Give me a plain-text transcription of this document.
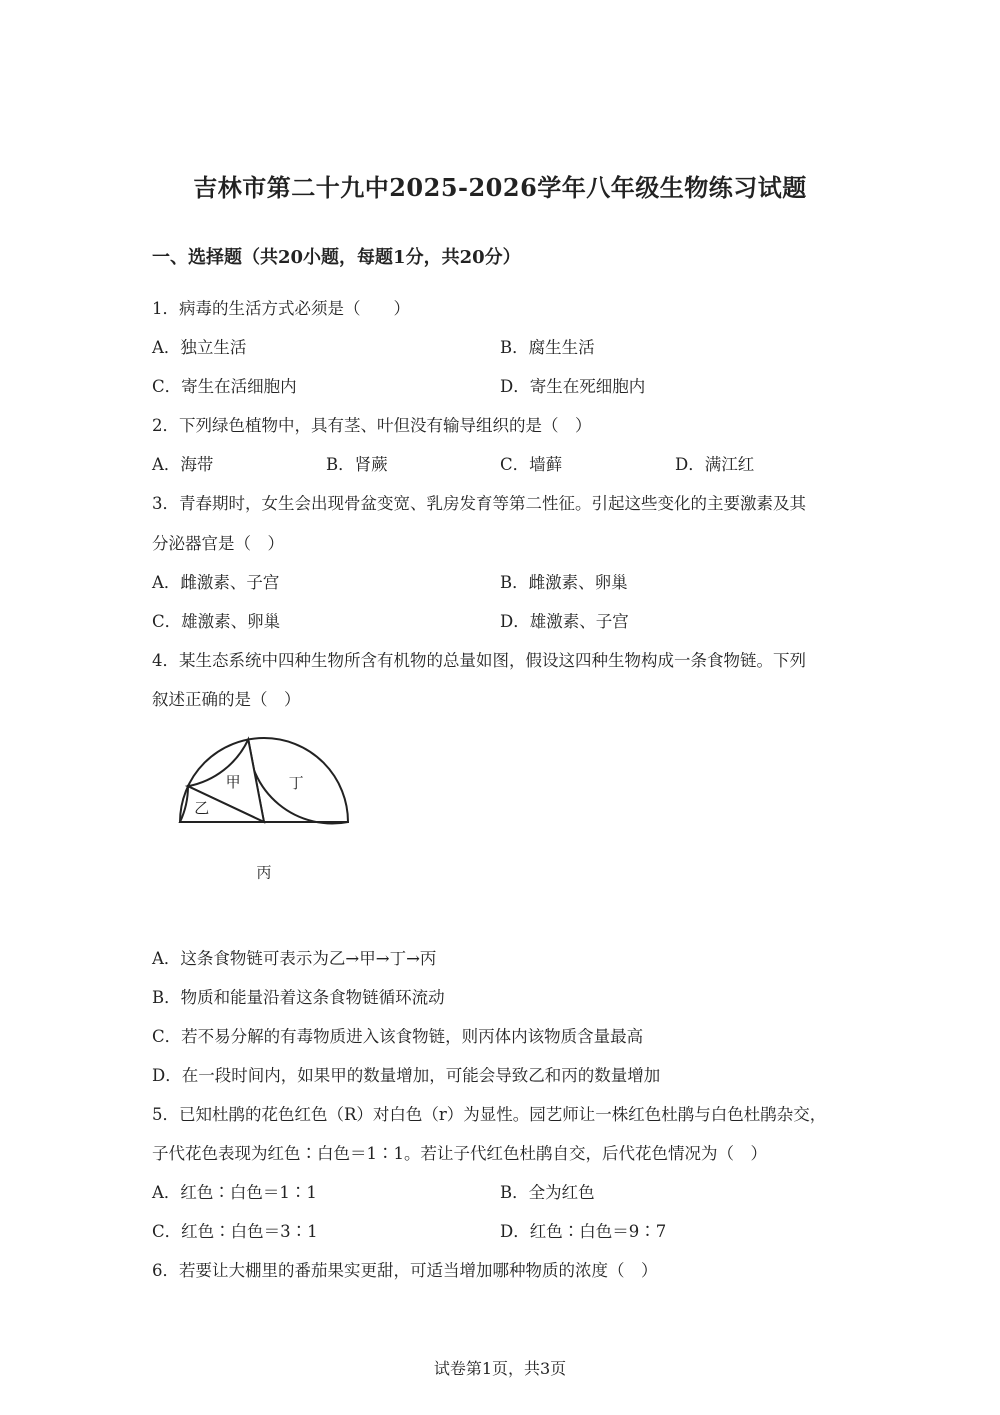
吉林市第二十九中2025-2026学年八年级生物练习试题
一、选择题（共20小题，每题1分，共20分）
1．病毒的生活方式必须是（　　）
A．独立生活	B．腐生生活
C．寄生在活细胞内	D．寄生在死细胞内
2．下列绿色植物中，具有茎、叶但没有输导组织的是（　）
A．海带	B．肾蕨	C．墙藓	D．满江红
3．青春期时，女生会出现骨盆变宽、乳房发育等第二性征。引起这些变化的主要激素及其
分泌器官是（　）
A．雌激素、子宫	B．雌激素、卵巢
C．雄激素、卵巢	D．雄激素、子宫
4．某生态系统中四种生物所含有机物的总量如图，假设这四种生物构成一条食物链。下列
叙述正确的是（　）
丙
丁
甲
乙
A．这条食物链可表示为乙→甲→丁→丙
B．物质和能量沿着这条食物链循环流动
C．若不易分解的有毒物质进入该食物链，则丙体内该物质含量最高
D．在一段时间内，如果甲的数量增加，可能会导致乙和丙的数量增加
5．已知杜鹃的花色红色（R）对白色（r）为显性。园艺师让一株红色杜鹃与白色杜鹃杂交，
子代花色表现为红色∶白色＝1∶1。若让子代红色杜鹃自交，后代花色情况为（　）
A．红色∶白色＝1∶1	B．全为红色
C．红色∶白色＝3∶1	D．红色∶白色＝9∶7
6．若要让大棚里的番茄果实更甜，可适当增加哪种物质的浓度（　）
试卷第1页，共3页
